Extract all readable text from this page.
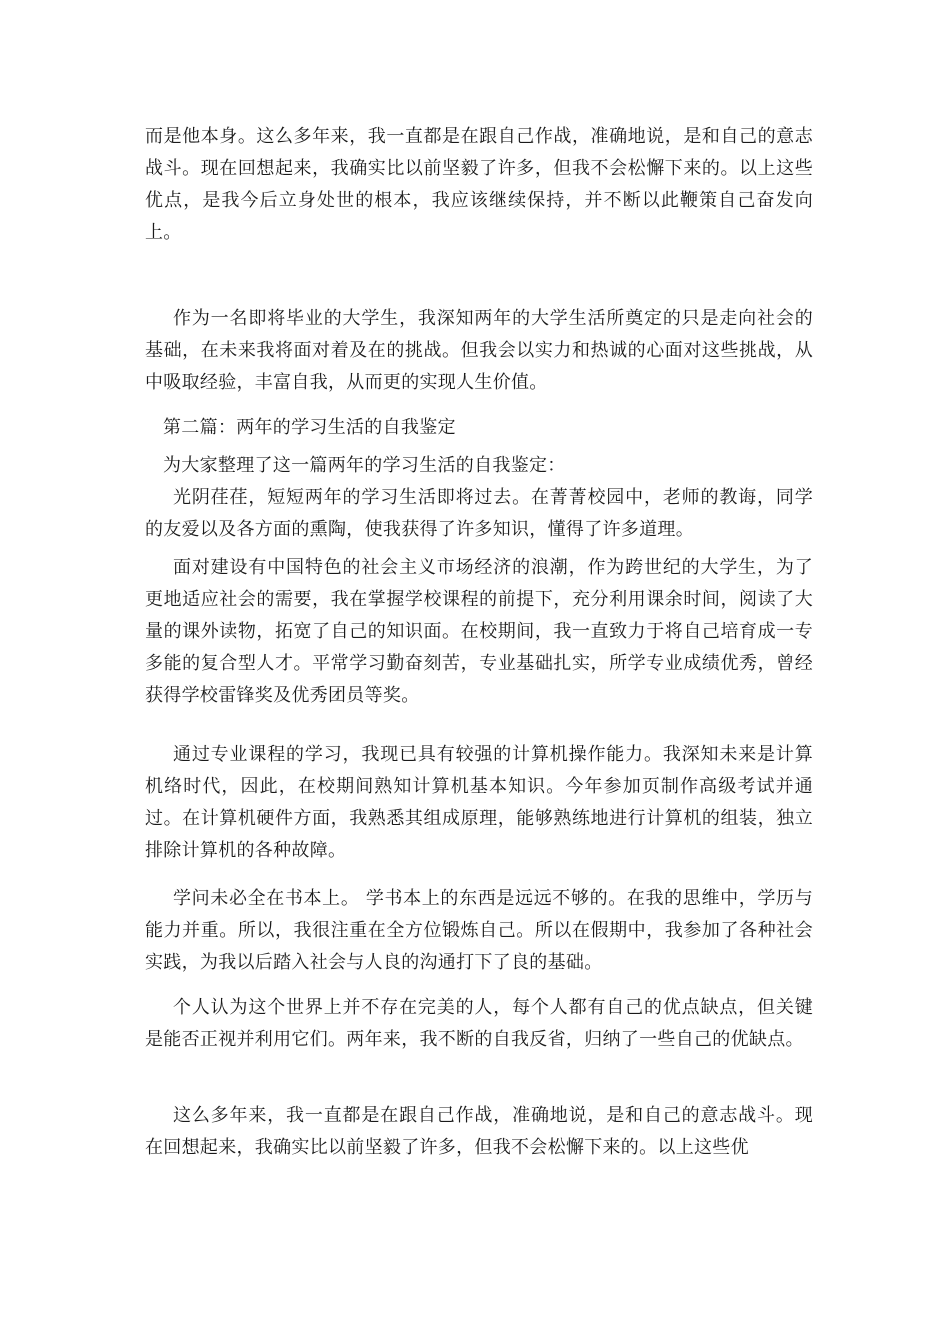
而是他本身。这么多年来，我一直都是在跟自己作战，准确地说，是和自己的意志战斗。现在回想起来，我确实比以前坚毅了许多，但我不会松懈下来的。以上这些优点，是我今后立身处世的根本，我应该继续保持，并不断以此鞭策自己奋发向上。

作为一名即将毕业的大学生，我深知两年的大学生活所奠定的只是走向社会的基础，在未来我将面对着及在的挑战。但我会以实力和热诚的心面对这些挑战，从中吸取经验，丰富自我，从而更的实现人生价值。

第二篇：两年的学习生活的自我鉴定

为大家整理了这一篇两年的学习生活的自我鉴定：

光阴荏荏，短短两年的学习生活即将过去。在菁菁校园中，老师的教诲，同学的友爱以及各方面的熏陶，使我获得了许多知识，懂得了许多道理。

面对建设有中国特色的社会主义市场经济的浪潮，作为跨世纪的大学生，为了更地适应社会的需要，我在掌握学校课程的前提下，充分利用课余时间，阅读了大量的课外读物，拓宽了自己的知识面。在校期间，我一直致力于将自己培育成一专多能的复合型人才。平常学习勤奋刻苦，专业基础扎实，所学专业成绩优秀，曾经获得学校雷锋奖及优秀团员等奖。

通过专业课程的学习，我现已具有较强的计算机操作能力。我深知未来是计算机络时代，因此，在校期间熟知计算机基本知识。今年参加页制作高级考试并通过。在计算机硬件方面，我熟悉其组成原理，能够熟练地进行计算机的组装，独立排除计算机的各种故障。

学问未必全在书本上。 学书本上的东西是远远不够的。在我的思维中，学历与能力并重。所以，我很注重在全方位锻炼自己。所以在假期中，我参加了各种社会实践，为我以后踏入社会与人良的沟通打下了良的基础。

个人认为这个世界上并不存在完美的人，每个人都有自己的优点缺点，但关键是能否正视并利用它们。两年来，我不断的自我反省，归纳了一些自己的优缺点。

这么多年来，我一直都是在跟自己作战，准确地说，是和自己的意志战斗。现在回想起来，我确实比以前坚毅了许多，但我不会松懈下来的。以上这些优
